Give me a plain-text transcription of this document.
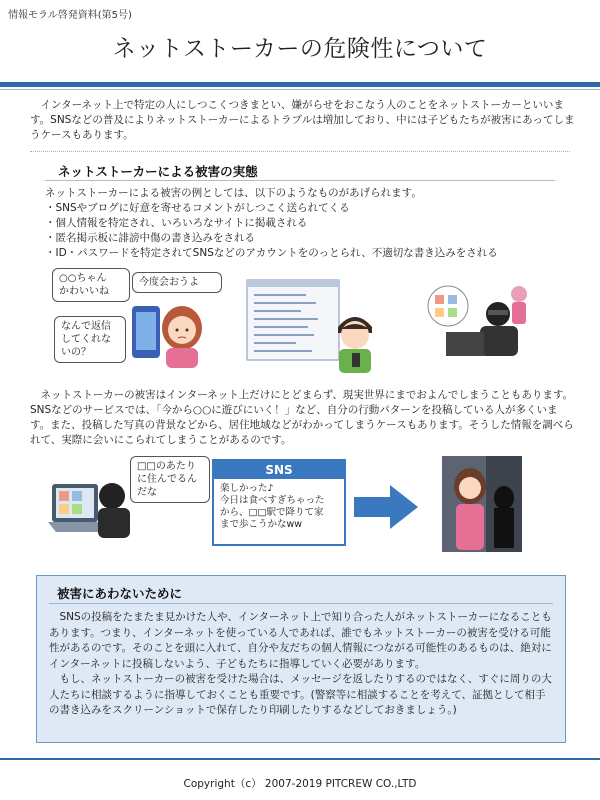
情報モラル啓発資料(第5号)
ネットストーカーの危険性について
インターネット上で特定の人にしつこくつきまとい、嫌がらせをおこなう人のことをネットストーカーといいます。SNSなどの普及によりネットストーカーによるトラブルは増加しており、中には子どもたちが被害にあってしまうケースもあります。
ネットストーカーによる被害の実態
ネットストーカーによる被害の例としては、以下のようなものがあげられます。
・SNSやブログに好意を寄せるコメントがしつこく送られてくる
・個人情報を特定され、いろいろなサイトに掲載される
・匿名掲示板に誹謗中傷の書き込みをされる
・ID・パスワードを特定されてSNSなどのアカウントをのっとられ、不適切な書き込みをされる
○○ちゃん
かわいいね
今度会おうよ
なんで返信
してくれな
いの？
ネットストーカーの被害はインターネット上だけにとどまらず、現実世界にまでおよんでしまうこともあります。SNSなどのサービスでは、「今から○○に遊びにいく！」など、自分の行動パターンを投稿している人が多くいます。また、投稿した写真の背景などから、居住地域などがわかってしまうケースもあります。そうした情報を調べられて、実際に会いにこられてしまうことがあるのです。
□□のあたり
に住んでるん
だな
SNS
楽しかった♪
今日は食べすぎちゃった
から、□□駅で降りて家
まで歩こうかなww
被害にあわないために
SNSの投稿をたまたま見かけた人や、インターネット上で知り合った人がネットストーカーになることもあります。つまり、インターネットを使っている人であれば、誰でもネットストーカーの被害を受ける可能性があるのです。そのことを頭に入れて、自分や友だちの個人情報につながる可能性のあるものは、絶対にインターネットに投稿しないよう、子どもたちに指導していく必要があります。
もし、ネットストーカーの被害を受けた場合は、メッセージを返したりするのではなく、すぐに周りの大人たちに相談するように指導しておくことも重要です。(警察等に相談することを考えて、証拠として相手の書き込みをスクリーンショットで保存したり印刷したりするなどしておきましょう。)
Copyright（c） 2007-2019 PITCREW CO.,LTD
